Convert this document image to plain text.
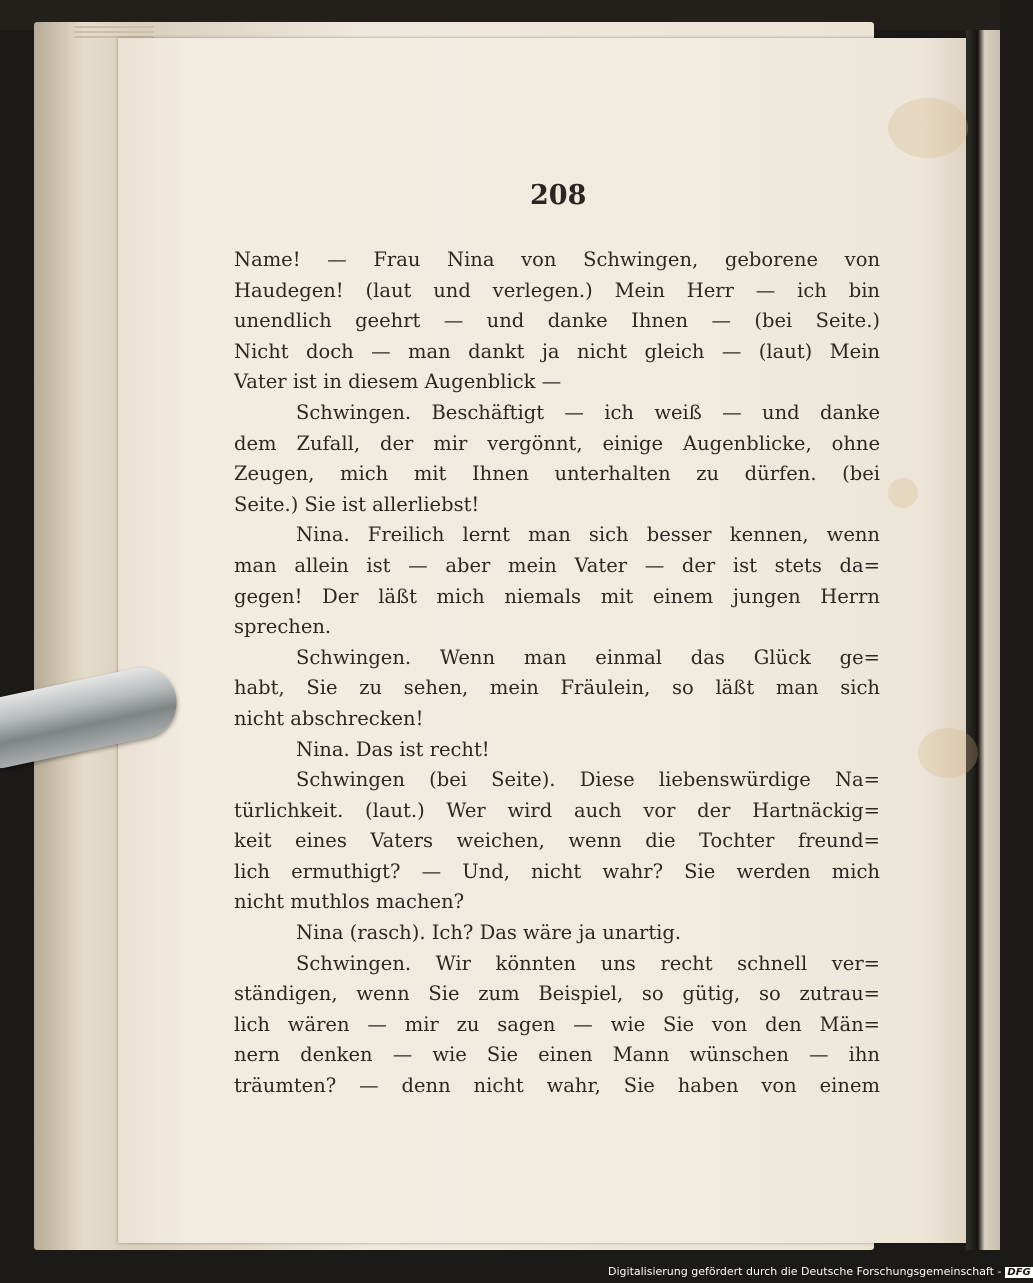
208
Name! — Frau Nina von Schwingen, geborene von
Haudegen! (laut und verlegen.) Mein Herr — ich bin
unendlich geehrt — und danke Ihnen — (bei Seite.)
Nicht doch — man dankt ja nicht gleich — (laut) Mein
Vater ist in diesem Augenblick —
Schwingen. Beschäftigt — ich weiß — und danke
dem Zufall, der mir vergönnt, einige Augenblicke, ohne
Zeugen, mich mit Ihnen unterhalten zu dürfen. (bei
Seite.) Sie ist allerliebst!
Nina. Freilich lernt man sich besser kennen, wenn
man allein ist — aber mein Vater — der ist stets da=
gegen! Der läßt mich niemals mit einem jungen Herrn
sprechen.
Schwingen. Wenn man einmal das Glück ge=
habt, Sie zu sehen, mein Fräulein, so läßt man sich
nicht abschrecken!
Nina. Das ist recht!
Schwingen (bei Seite). Diese liebenswürdige Na=
türlichkeit. (laut.) Wer wird auch vor der Hartnäckig=
keit eines Vaters weichen, wenn die Tochter freund=
lich ermuthigt? — Und, nicht wahr? Sie werden mich
nicht muthlos machen?
Nina (rasch). Ich? Das wäre ja unartig.
Schwingen. Wir könnten uns recht schnell ver=
ständigen, wenn Sie zum Beispiel, so gütig, so zutrau=
lich wären — mir zu sagen — wie Sie von den Män=
nern denken — wie Sie einen Mann wünschen — ihn
träumten? — denn nicht wahr, Sie haben von einem
Digitalisierung gefördert durch die Deutsche Forschungsgemeinschaft - DFG
